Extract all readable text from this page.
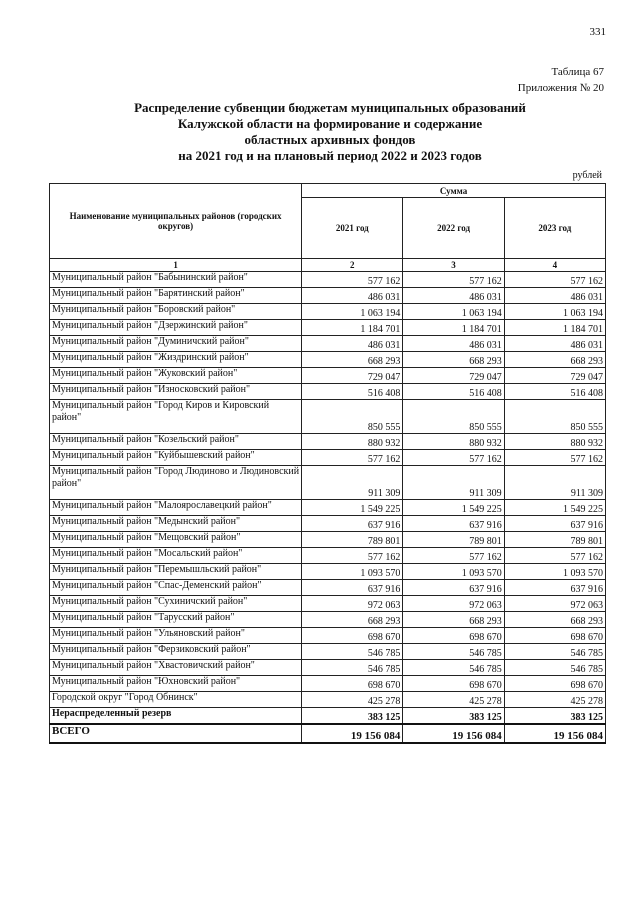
331
Таблица 67
Приложения № 20
Распределение субвенции бюджетам муниципальных образований
Калужской области на формирование и содержание
областных архивных фондов
на 2021 год и на плановый период 2022 и 2023 годов
рублей
Наименование муниципальных районов (городских округов)	Сумма		
	2021 год	2022 год	2023 год
1	2	3	4
Муниципальный район "Бабынинский район"	577 162	577 162	577 162
Муниципальный район "Барятинский район"	486 031	486 031	486 031
Муниципальный район "Боровский район"	1 063 194	1 063 194	1 063 194
Муниципальный район "Дзержинский район"	1 184 701	1 184 701	1 184 701
Муниципальный район "Думиничский район"	486 031	486 031	486 031
Муниципальный район "Жиздринский район"	668 293	668 293	668 293
Муниципальный район "Жуковский район"	729 047	729 047	729 047
Муниципальный район "Износковский район"	516 408	516 408	516 408
Муниципальный район "Город Киров и Кировский район"	850 555	850 555	850 555
Муниципальный район "Козельский район"	880 932	880 932	880 932
Муниципальный район "Куйбышевский район"	577 162	577 162	577 162
Муниципальный район "Город Людиново и Людиновский район"	911 309	911 309	911 309
Муниципальный район "Малоярославецкий район"	1 549 225	1 549 225	1 549 225
Муниципальный район "Медынский район"	637 916	637 916	637 916
Муниципальный район "Мещовский район"	789 801	789 801	789 801
Муниципальный район "Мосальский район"	577 162	577 162	577 162
Муниципальный район "Перемышльский район"	1 093 570	1 093 570	1 093 570
Муниципальный район "Спас-Деменский район"	637 916	637 916	637 916
Муниципальный район "Сухиничский район"	972 063	972 063	972 063
Муниципальный район "Тарусский район"	668 293	668 293	668 293
Муниципальный район "Ульяновский район"	698 670	698 670	698 670
Муниципальный район "Ферзиковский район"	546 785	546 785	546 785
Муниципальный район "Хвастовичский район"	546 785	546 785	546 785
Муниципальный район "Юхновский район"	698 670	698 670	698 670
Городской округ "Город Обнинск"	425 278	425 278	425 278
Нераспределенный резерв	383 125	383 125	383 125
ВСЕГО	19 156 084	19 156 084	19 156 084
